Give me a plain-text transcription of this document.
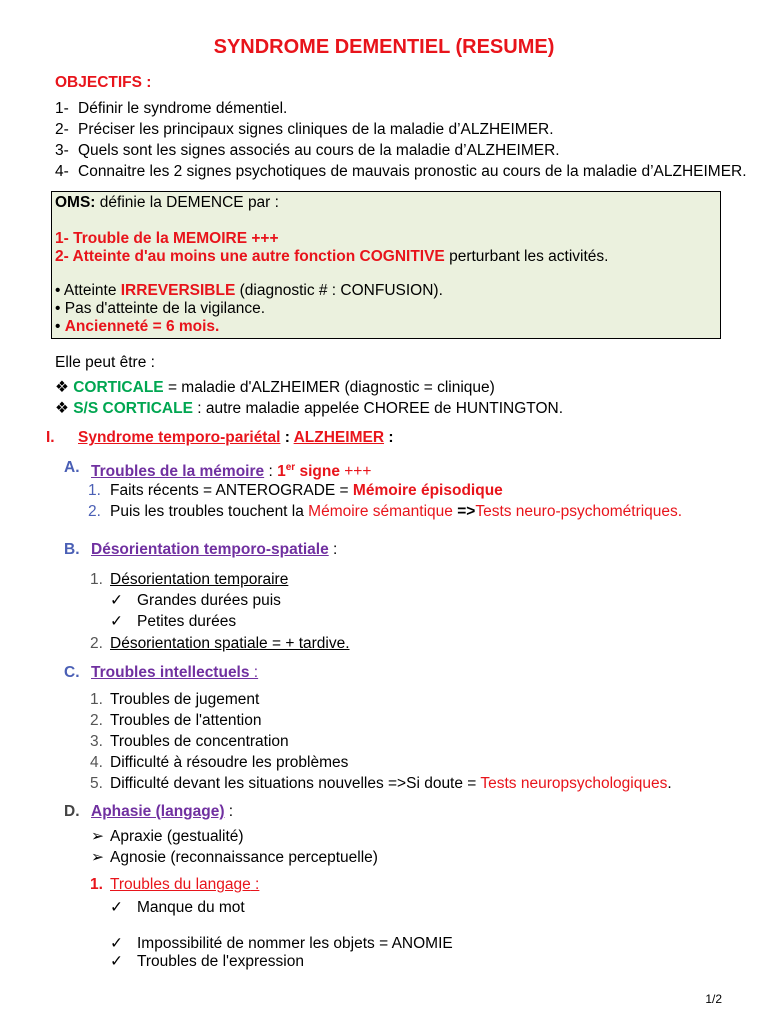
SYNDROME DEMENTIEL (RESUME)
OBJECTIFS :
1- Définir le syndrome démentiel.
2- Préciser les principaux signes cliniques de la maladie d’ALZHEIMER.
3- Quels sont les signes associés au cours de la maladie d’ALZHEIMER.
4- Connaitre les 2 signes psychotiques de mauvais pronostic au cours de la maladie d’ALZHEIMER.
OMS: définie la DEMENCE par :
1- Trouble de la MEMOIRE +++
2- Atteinte d'au moins une autre fonction COGNITIVE perturbant les activités.
• Atteinte IRREVERSIBLE (diagnostic # : CONFUSION).
• Pas d'atteinte de la vigilance.
• Ancienneté = 6 mois.
Elle peut être :
❖ CORTICALE = maladie d'ALZHEIMER (diagnostic = clinique)
❖ S/S CORTICALE : autre maladie appelée CHOREE de HUNTINGTON.
I. Syndrome temporo-pariétal : ALZHEIMER :
A. Troubles de la mémoire : 1er signe +++
1. Faits récents = ANTEROGRADE = Mémoire épisodique
2. Puis les troubles touchent la Mémoire sémantique =>Tests neuro-psychométriques.
B. Désorientation temporo-spatiale :
1. Désorientation temporaire
✓ Grandes durées puis
✓ Petites durées
2. Désorientation spatiale = + tardive.
C. Troubles intellectuels :
1. Troubles de jugement
2. Troubles de l'attention
3. Troubles de concentration
4. Difficulté à résoudre les problèmes
5. Difficulté devant les situations nouvelles =>Si doute = Tests neuropsychologiques.
D. Aphasie (langage) :
➢ Apraxie (gestualité)
➢ Agnosie (reconnaissance perceptuelle)
1. Troubles du langage :
✓ Manque du mot
✓ Impossibilité de nommer les objets = ANOMIE
✓ Troubles de l'expression
1/2
